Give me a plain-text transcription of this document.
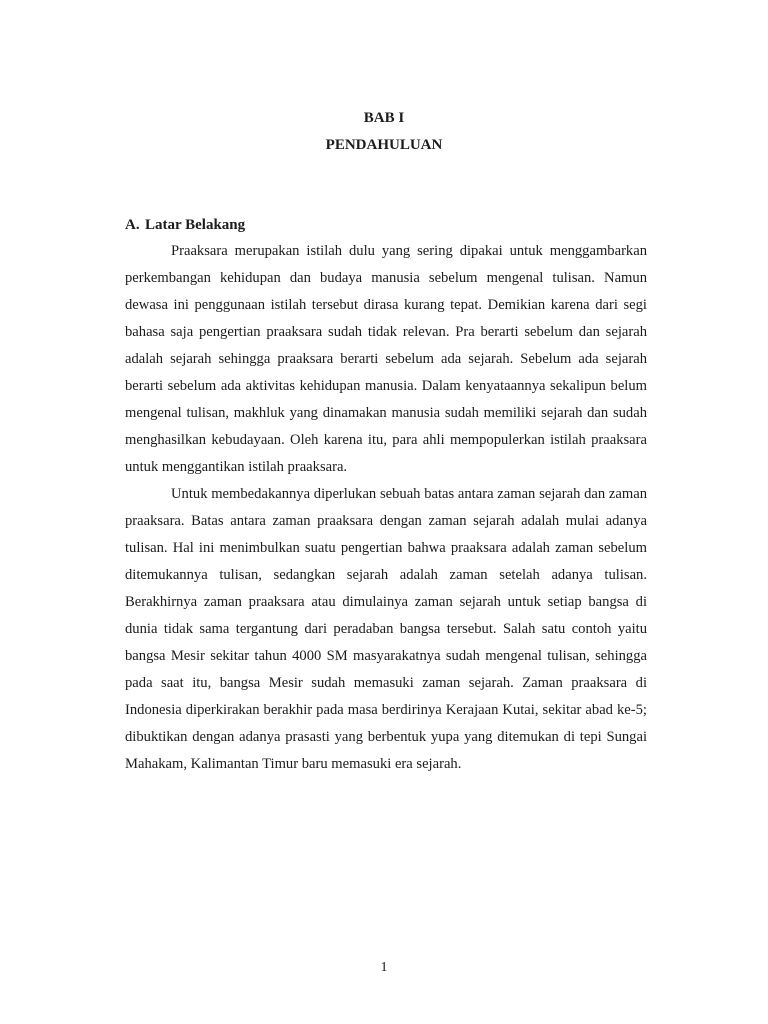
BAB I

PENDAHULUAN

A. Latar Belakang

Praaksara merupakan istilah dulu yang sering dipakai untuk menggambarkan
perkembangan kehidupan dan budaya manusia sebelum mengenal tulisan. Namun
dewasa ini penggunaan istilah tersebut dirasa kurang tepat. Demikian karena dari segi
bahasa saja pengertian praaksara sudah tidak relevan. Pra berarti sebelum dan sejarah
adalah sejarah sehingga praaksara berarti sebelum ada sejarah. Sebelum ada sejarah
berarti sebelum ada aktivitas kehidupan manusia. Dalam kenyataannya sekalipun belum
mengenal tulisan, makhluk yang dinamakan manusia sudah memiliki sejarah dan sudah
menghasilkan kebudayaan. Oleh karena itu, para ahli mempopulerkan istilah praaksara
untuk menggantikan istilah praaksara.
Untuk membedakannya diperlukan sebuah batas antara zaman sejarah dan zaman
praaksara. Batas antara zaman praaksara dengan zaman sejarah adalah mulai adanya
tulisan. Hal ini menimbulkan suatu pengertian bahwa praaksara adalah zaman sebelum
ditemukannya tulisan, sedangkan sejarah adalah zaman setelah adanya tulisan.
Berakhirnya zaman praaksara atau dimulainya zaman sejarah untuk setiap bangsa di
dunia tidak sama tergantung dari peradaban bangsa tersebut. Salah satu contoh yaitu
bangsa Mesir sekitar tahun 4000 SM masyarakatnya sudah mengenal tulisan, sehingga
pada saat itu, bangsa Mesir sudah memasuki zaman sejarah. Zaman praaksara di
Indonesia diperkirakan berakhir pada masa berdirinya Kerajaan Kutai, sekitar abad ke-5;
dibuktikan dengan adanya prasasti yang berbentuk yupa yang ditemukan di tepi Sungai
Mahakam, Kalimantan Timur baru memasuki era sejarah.
1
